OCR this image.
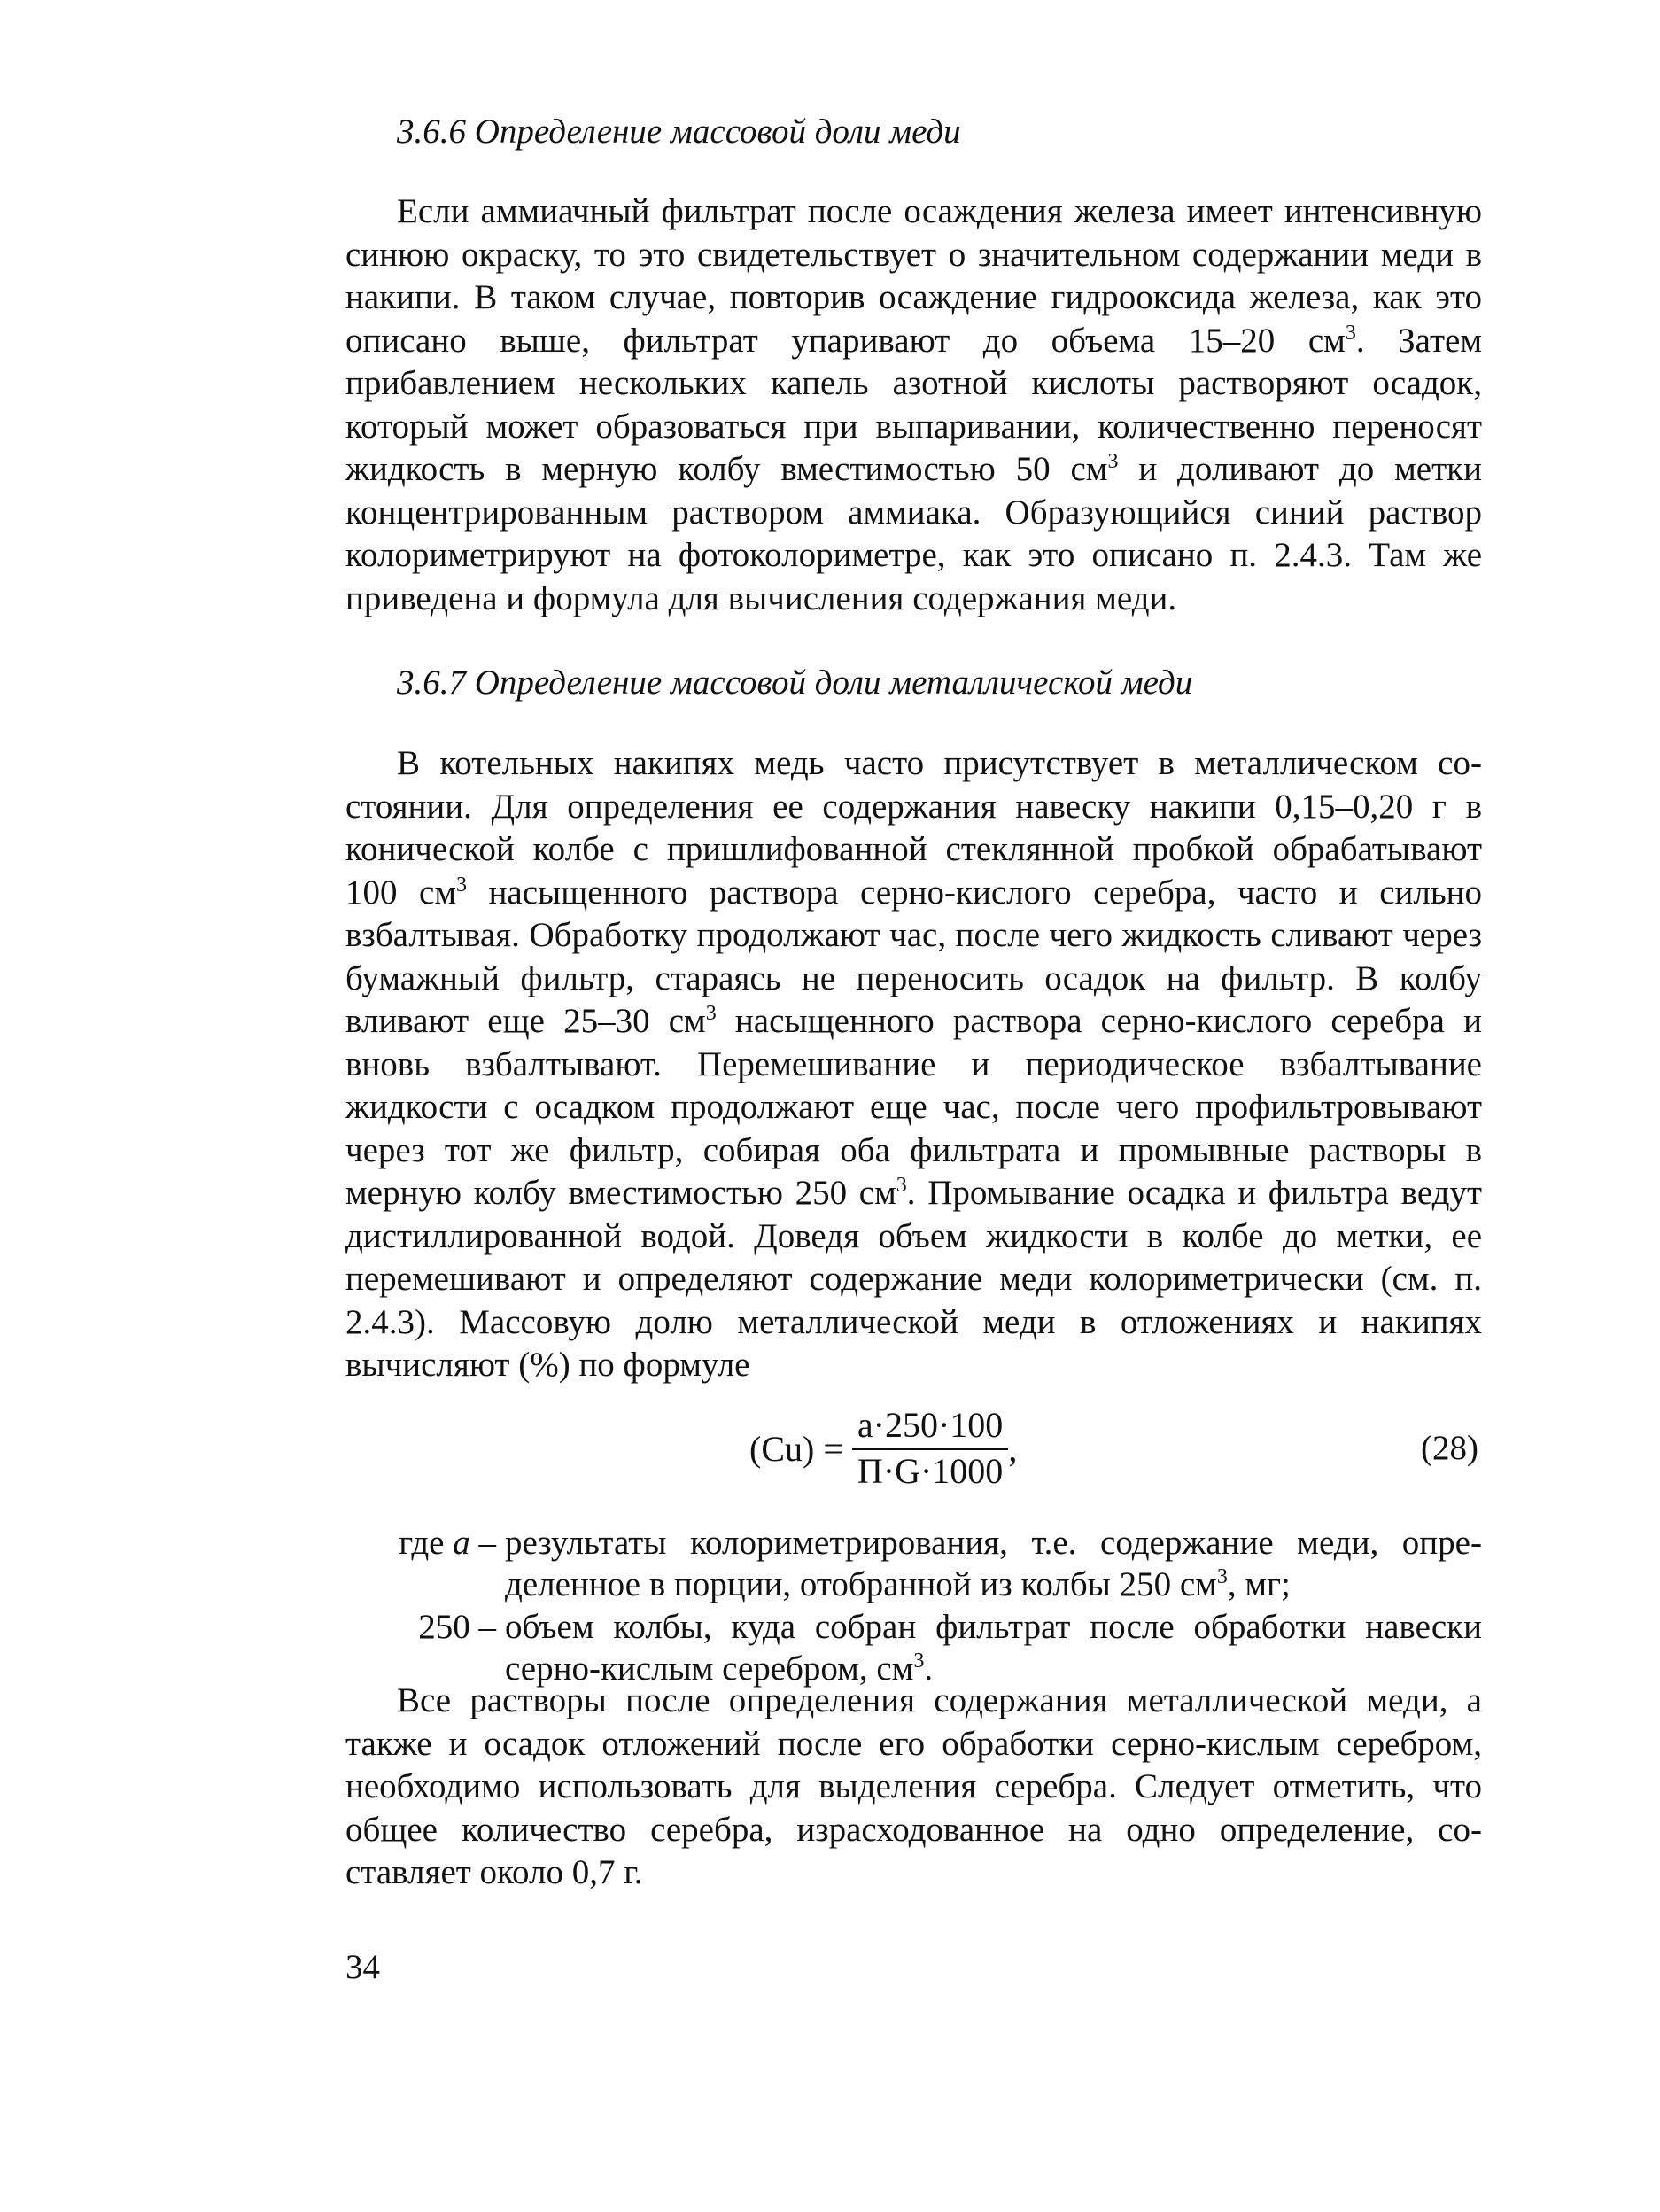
3.6.6 Определение массовой доли меди

Если аммиачный фильтрат после осаждения железа имеет интенсивную синюю окраску, то это свидетельствует о значительном содержании меди в накипи. В таком случае, повторив осаждение гидрооксида железа, как это описано выше, фильтрат упаривают до объема 15–20 $см^3$. Затем прибавлением нескольких капель азотной кислоты растворяют осадок, который может образоваться при выпаривании, количественно переносят жидкость в мерную колбу вместимостью 50 $см^3$ и доливают до метки концентрированным раствором аммиака. Образующийся синий раствор колориметрируют на фотоколориметре, как это описано п. 2.4.3. Там же приведена и формула для вычисления содержания меди.

3.6.7 Определение массовой доли металлической меди

В котельных накипях медь часто присутствует в металлическом состоянии. Для определения ее содержания навеску накипи 0,15–0,20 г в конической колбе с пришлифованной стеклянной пробкой обрабатывают 100 $см^3$ насыщенного раствора серно-кислого серебра, часто и сильно взбалтывая. Обработку продолжают час, после чего жидкость сливают через бумажный фильтр, стараясь не переносить осадок на фильтр. В колбу вливают еще 25–30 $см^3$ насыщенного раствора серно-кислого серебра и вновь взбалтывают. Перемешивание и периодическое взбалтывание жидкости с осадком продолжают еще час, после чего профильтровывают через тот же фильтр, собирая оба фильтрата и промывные растворы в мерную колбу вместимостью 250 $см^3$. Промывание осадка и фильтра ведут дистиллированной водой. Доведя объем жидкости в колбе до метки, ее перемешивают и определяют содержание меди колориметрически (см. п. 2.4.3). Массовую долю металлической меди в отложениях и накипях вычисляют (%) по формуле

$(Cu) = \frac{a\cdot 250\cdot 100}{П\cdot G\cdot 1000}$ ,	(28)
где a – результаты колориметрирования, т.е. содержание меди, определенное в порции, отобранной из колбы 250 $см^3$, мг;
250 – объем колбы, куда собран фильтрат после обработки навески серно-кислым серебром, $см^3$.

Все растворы после определения содержания металлической меди, а также и осадок отложений после его обработки серно-кислым серебром, необходимо использовать для выделения серебра. Следует отметить, что общее количество серебра, израсходованное на одно определение, составляет около 0,7 г.

34
